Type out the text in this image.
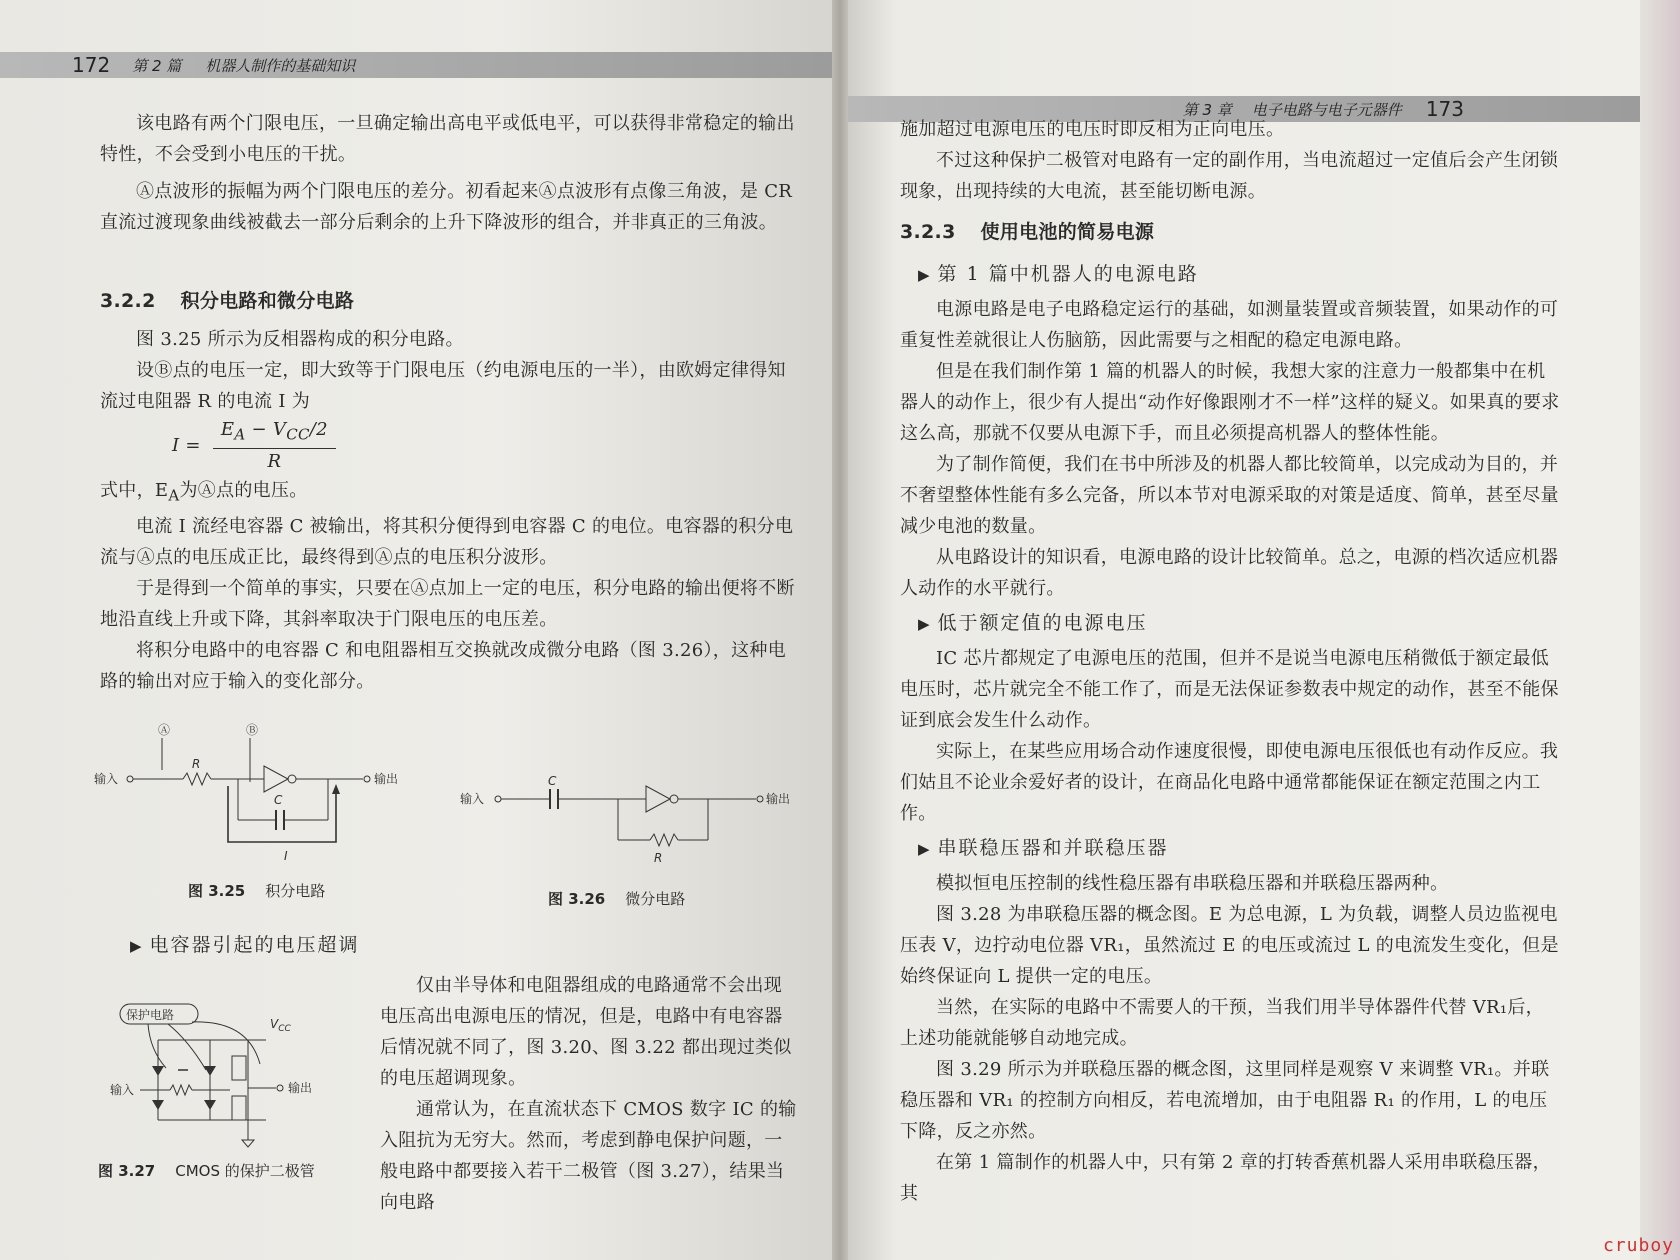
172 第 2 篇 机器人制作的基础知识

该电路有两个门限电压，一旦确定输出高电平或低电平，可以获得非常稳定的输出特性，不会受到小电压的干扰。

Ⓐ点波形的振幅为两个门限电压的差分。初看起来Ⓐ点波形有点像三角波，是 CR 直流过渡现象曲线被截去一部分后剩余的上升下降波形的组合，并非真正的三角波。

3.2.2 积分电路和微分电路

图 3.25 所示为反相器构成的积分电路。

设Ⓑ点的电压一定，即大致等于门限电压（约电源电压的一半），由欧姆定律得知流过电阻器 R 的电流 I 为

I =
$E_A - V_{CC}/2$
R

式中，$E_A$为Ⓐ点的电压。

电流 I 流经电容器 C 被输出，将其积分便得到电容器 C 的电位。电容器的积分电流与Ⓐ点的电压成正比，最终得到Ⓐ点的电压积分波形。

于是得到一个简单的事实，只要在Ⓐ点加上一定的电压，积分电路的输出便将不断地沿直线上升或下降，其斜率取决于门限电压的电压差。

将积分电路中的电容器 C 和电阻器相互交换就改成微分电路（图 3.26），这种电路的输出对应于输入的变化部分。

Ⓐ	Ⓑ
输入
R
输出
C
I
图 3.25 积分电路
输入
C
输出
R
图 3.26 微分电路
▶ 电容器引起的电压超调

仅由半导体和电阻器组成的电路通常不会出现电压高出电源电压的情况，但是，电路中有电容器后情况就不同了，图 3.20、图 3.22 都出现过类似的电压超调现象。

通常认为，在直流状态下 CMOS 数字 IC 的输入阻抗为无穷大。然而，考虑到静电保护问题，一般电路中都要接入若干二极管（图 3.27），结果当向电路

保护电路
$V_{CC}$
输入	输出
图 3.27 CMOS 的保护二极管
第 3 章 电子电路与电子元器件 173

施加超过电源电压的电压时即反相为正向电压。

不过这种保护二极管对电路有一定的副作用，当电流超过一定值后会产生闭锁现象，出现持续的大电流，甚至能切断电源。

3.2.3 使用电池的简易电源
▶ 第 1 篇中机器人的电源电路

电源电路是电子电路稳定运行的基础，如测量装置或音频装置，如果动作的可重复性差就很让人伤脑筋，因此需要与之相配的稳定电源电路。

但是在我们制作第 1 篇的机器人的时候，我想大家的注意力一般都集中在机器人的动作上，很少有人提出“动作好像跟刚才不一样”这样的疑义。如果真的要求这么高，那就不仅要从电源下手，而且必须提高机器人的整体性能。

为了制作简便，我们在书中所涉及的机器人都比较简单，以完成动为目的，并不奢望整体性能有多么完备，所以本节对电源采取的对策是适度、简单，甚至尽量减少电池的数量。

从电路设计的知识看，电源电路的设计比较简单。总之，电源的档次适应机器人动作的水平就行。

▶ 低于额定值的电源电压

IC 芯片都规定了电源电压的范围，但并不是说当电源电压稍微低于额定最低电压时，芯片就完全不能工作了，而是无法保证参数表中规定的动作，甚至不能保证到底会发生什么动作。

实际上，在某些应用场合动作速度很慢，即使电源电压很低也有动作反应。我们姑且不论业余爱好者的设计，在商品化电路中通常都能保证在额定范围之内工作。

▶ 串联稳压器和并联稳压器

模拟恒电压控制的线性稳压器有串联稳压器和并联稳压器两种。

图 3.28 为串联稳压器的概念图。E 为总电源，L 为负载，调整人员边监视电压表 V，边拧动电位器 VR₁，虽然流过 E 的电压或流过 L 的电流发生变化，但是始终保证向 L 提供一定的电压。

当然，在实际的电路中不需要人的干预，当我们用半导体器件代替 VR₁后，上述功能就能够自动地完成。

图 3.29 所示为并联稳压器的概念图，这里同样是观察 V 来调整 VR₁。并联稳压器和 VR₁ 的控制方向相反，若电流增加，由于电阻器 R₁ 的作用，L 的电压下降，反之亦然。

在第 1 篇制作的机器人中，只有第 2 章的打转香蕉机器人采用串联稳压器，其

cruboy
